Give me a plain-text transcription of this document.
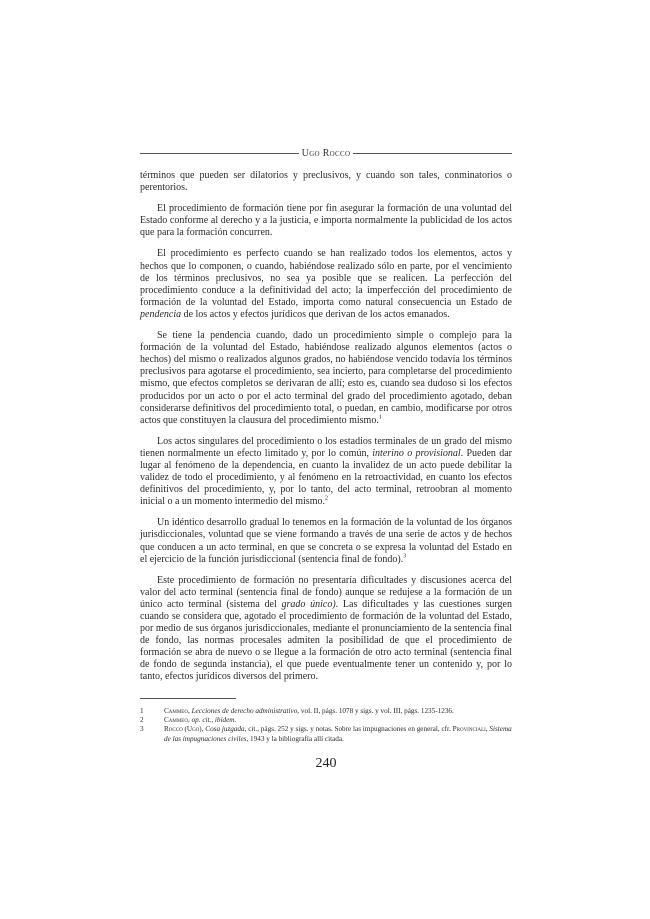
Ugo Rocco

términos que pueden ser dilatorios y preclusivos, y cuando son tales, conminatorios o perentorios.

El procedimiento de formación tiene por fin asegurar la formación de una voluntad del Estado conforme al derecho y a la justicia, e importa normalmente la publicidad de los actos que para la formación concurren.

El procedimiento es perfecto cuando se han realizado todos los elementos, actos y hechos que lo componen, o cuando, habiéndose realizado sólo en parte, por el vencimiento de los términos preclusivos, no sea ya posible que se realicen. La perfección del procedimiento conduce a la definitividad del acto; la imperfección del procedimiento de formación de la voluntad del Estado, importa como natural consecuencia un Estado de pendencia de los actos y efectos jurídicos que derivan de los actos emanados.

Se tiene la pendencia cuando, dado un procedimiento simple o complejo para la formación de la voluntad del Estado, habiéndose realizado algunos elementos (actos o hechos) del mismo o realizados algunos grados, no habiéndose vencido todavía los términos preclusivos para agotarse el procedimiento, sea incierto, para completarse del procedimiento mismo, que efectos completos se derivaran de allí; esto es, cuando sea dudoso si los efectos producidos por un acto o por el acto terminal del grado del procedimiento agotado, deban considerarse definitivos del procedimiento total, o puedan, en cambio, modificarse por otros actos que constituyen la clausura del procedimiento mismo.$^1$

Los actos singulares del procedimiento o los estadios terminales de un grado del mismo tienen normalmente un efecto limitado y, por lo común, interino o provisional. Pueden dar lugar al fenómeno de la dependencia, en cuanto la invalidez de un acto puede debilitar la validez de todo el procedimiento, y al fenómeno en la retroactividad, en cuanto los efectos definitivos del procedimiento, y, por lo tanto, del acto terminal, retroobran al momento inicial o a un momento intermedio del mismo.$^2$

Un idéntico desarrollo gradual lo tenemos en la formación de la voluntad de los órganos jurisdiccionales, voluntad que se viene formando a través de una serie de actos y de hechos que conducen a un acto terminal, en que se concreta o se expresa la voluntad del Estado en el ejercicio de la función jurisdiccional (sentencia final de fondo).$^3$

Este procedimiento de formación no presentaría dificultades y discusiones acerca del valor del acto terminal (sentencia final de fondo) aunque se redujese a la formación de un único acto terminal (sistema del grado único). Las dificultades y las cuestiones surgen cuando se considera que, agotado el procedimiento de formación de la voluntad del Estado, por medio de sus órganos jurisdiccionales, mediante el pronunciamiento de la sentencia final de fondo, las normas procesales admiten la posibilidad de que el procedimiento de formación se abra de nuevo o se llegue a la formación de otro acto terminal (sentencia final de fondo de segunda instancia), el que puede eventualmente tener un contenido y, por lo tanto, efectos jurídicos diversos del primero.

1	Cammeo, Lecciones de derecho administrativo, vol. II, págs. 1078 y sigs. y vol. III, págs. 1235-1236.
2	Cammeo, op. cit., ibídem.
3	Rocco (Ugo), Cosa juzgada, cit., págs. 252 y sigs. y notas. Sobre las impugnaciones en general, cfr. Provinciali, Sistema de las impugnaciones civiles, 1943 y la bibliografía allí citada.
240
